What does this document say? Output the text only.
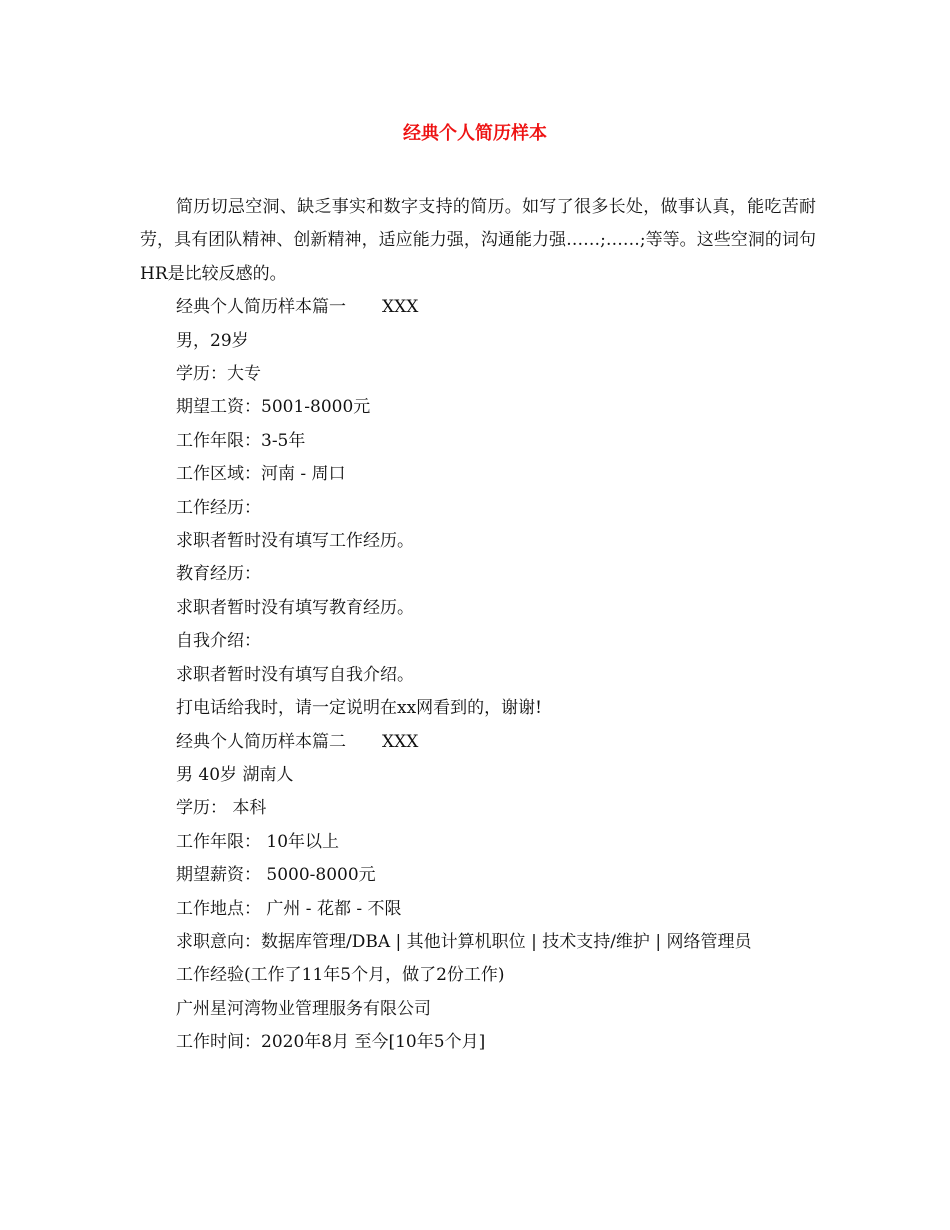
经典个人简历样本

简历切忌空洞、缺乏事实和数字支持的简历。如写了很多长处，做事认真，能吃苦耐劳，具有团队精神、创新精神，适应能力强，沟通能力强……;……;等等。这些空洞的词句HR是比较反感的。

经典个人简历样本篇一 XXX

男，29岁

学历：大专

期望工资：5001-8000元

工作年限：3-5年

工作区域：河南 - 周口

工作经历：

求职者暂时没有填写工作经历。

教育经历：

求职者暂时没有填写教育经历。

自我介绍：

求职者暂时没有填写自我介绍。

打电话给我时，请一定说明在xx网看到的，谢谢!

经典个人简历样本篇二 XXX

男 40岁 湖南人

学历： 本科

工作年限： 10年以上

期望薪资： 5000-8000元

工作地点： 广州 - 花都 - 不限

求职意向：数据库管理/DBA | 其他计算机职位 | 技术支持/维护 | 网络管理员

工作经验(工作了11年5个月，做了2份工作)

广州星河湾物业管理服务有限公司

工作时间：2020年8月 至今[10年5个月]
